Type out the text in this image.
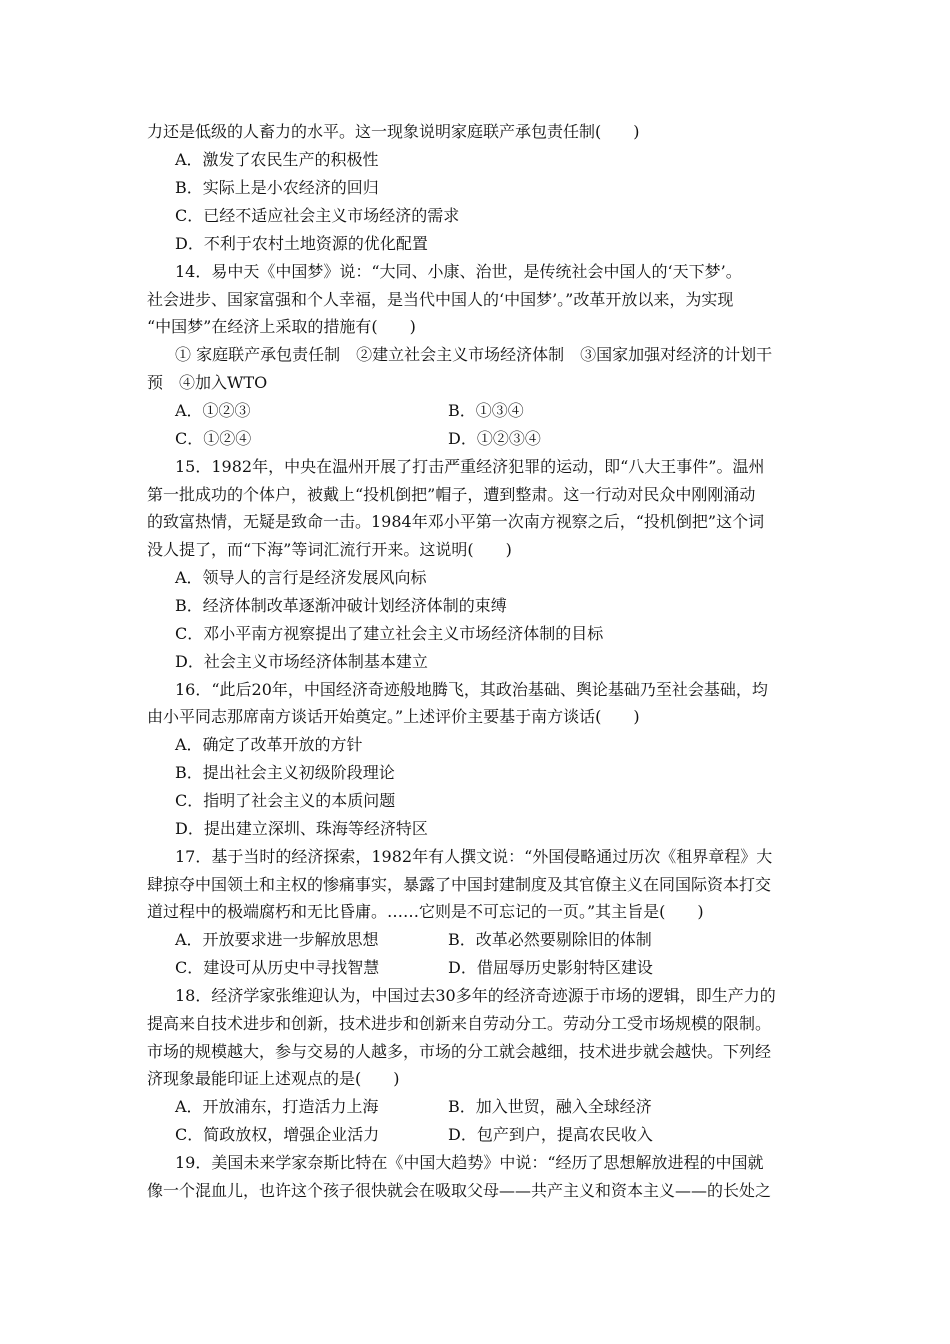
力还是低级的人畜力的水平。这一现象说明家庭联产承包责任制(　　)
A．激发了农民生产的积极性
B．实际上是小农经济的回归
C．已经不适应社会主义市场经济的需求
D．不利于农村土地资源的优化配置
14．易中天《中国梦》说：“大同、小康、治世，是传统社会中国人的‘天下梦’。
社会进步、国家富强和个人幸福，是当代中国人的‘中国梦’。”改革开放以来，为实现
“中国梦”在经济上采取的措施有(　　)
① 家庭联产承包责任制　②建立社会主义市场经济体制　③国家加强对经济的计划干
预　④加入WTO
A．①②③	B．①③④
C．①②④	D．①②③④
15．1982年，中央在温州开展了打击严重经济犯罪的运动，即“八大王事件”。温州
第一批成功的个体户，被戴上“投机倒把”帽子，遭到整肃。这一行动对民众中刚刚涌动
的致富热情，无疑是致命一击。1984年邓小平第一次南方视察之后，“投机倒把”这个词
没人提了，而“下海”等词汇流行开来。这说明(　　)
A．领导人的言行是经济发展风向标
B．经济体制改革逐渐冲破计划经济体制的束缚
C．邓小平南方视察提出了建立社会主义市场经济体制的目标
D．社会主义市场经济体制基本建立
16．“此后20年，中国经济奇迹般地腾飞，其政治基础、舆论基础乃至社会基础，均
由小平同志那席南方谈话开始奠定。”上述评价主要基于南方谈话(　　)
A．确定了改革开放的方针
B．提出社会主义初级阶段理论
C．指明了社会主义的本质问题
D．提出建立深圳、珠海等经济特区
17．基于当时的经济探索，1982年有人撰文说：“外国侵略通过历次《租界章程》大
肆掠夺中国领土和主权的惨痛事实，暴露了中国封建制度及其官僚主义在同国际资本打交
道过程中的极端腐朽和无比昏庸。……它则是不可忘记的一页。”其主旨是(　　)
A．开放要求进一步解放思想	B．改革必然要剔除旧的体制
C．建设可从历史中寻找智慧	D．借屈辱历史影射特区建设
18．经济学家张维迎认为，中国过去30多年的经济奇迹源于市场的逻辑，即生产力的
提高来自技术进步和创新，技术进步和创新来自劳动分工。劳动分工受市场规模的限制。
市场的规模越大，参与交易的人越多，市场的分工就会越细，技术进步就会越快。下列经
济现象最能印证上述观点的是(　　)
A．开放浦东，打造活力上海	B．加入世贸，融入全球经济
C．简政放权，增强企业活力	D．包产到户，提高农民收入
19．美国未来学家奈斯比特在《中国大趋势》中说：“经历了思想解放进程的中国就
像一个混血儿，也许这个孩子很快就会在吸取父母——共产主义和资本主义——的长处之
